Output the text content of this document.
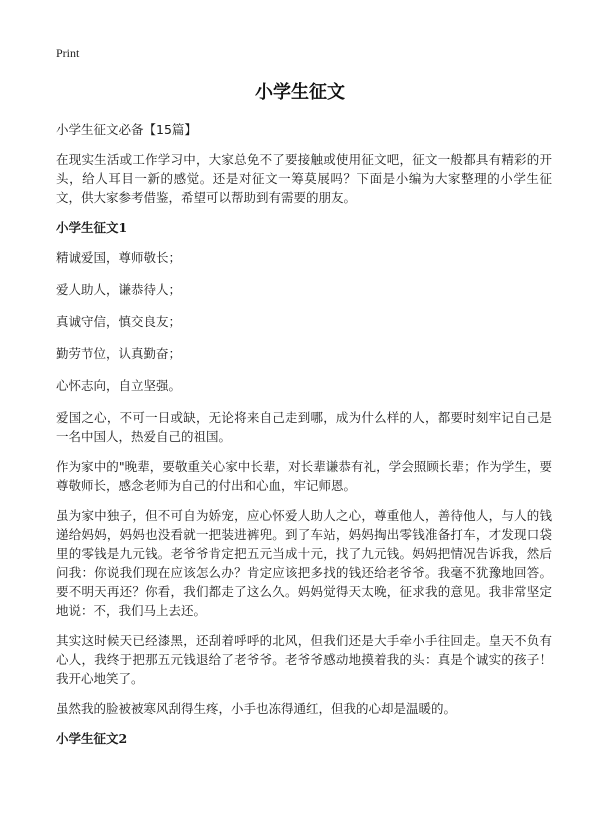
Print
小学生征文

小学生征文必备【15篇】

在现实生活或工作学习中，大家总免不了要接触或使用征文吧，征文一般都具有精彩的开头，给人耳目一新的感觉。还是对征文一筹莫展吗？下面是小编为大家整理的小学生征文，供大家参考借鉴，希望可以帮助到有需要的朋友。

小学生征文1

精诚爱国，尊师敬长；

爱人助人，谦恭待人；

真诚守信，慎交良友；

勤劳节位，认真勤奋；

心怀志向，自立坚强。

爱国之心，不可一日或缺，无论将来自己走到哪，成为什么样的人，都要时刻牢记自己是一名中国人，热爱自己的祖国。

作为家中的"晚辈，要敬重关心家中长辈，对长辈谦恭有礼，学会照顾长辈；作为学生，要尊敬师长，感念老师为自己的付出和心血，牢记师恩。

虽为家中独子，但不可自为娇宠，应心怀爱人助人之心，尊重他人，善待他人，与人的钱递给妈妈，妈妈也没看就一把装进裤兜。到了车站，妈妈掏出零钱准备打车，才发现口袋里的零钱是九元钱。老爷爷肯定把五元当成十元，找了九元钱。妈妈把情况告诉我，然后问我：你说我们现在应该怎么办？肯定应该把多找的钱还给老爷爷。我毫不犹豫地回答。要不明天再还？你看，我们都走了这么久。妈妈觉得天太晚，征求我的意见。我非常坚定地说：不，我们马上去还。

其实这时候天已经漆黑，还刮着呼呼的北风，但我们还是大手牵小手往回走。皇天不负有心人，我终于把那五元钱退给了老爷爷。老爷爷感动地摸着我的头：真是个诚实的孩子！我开心地笑了。

虽然我的脸被被寒风刮得生疼，小手也冻得通红，但我的心却是温暖的。

小学生征文2
